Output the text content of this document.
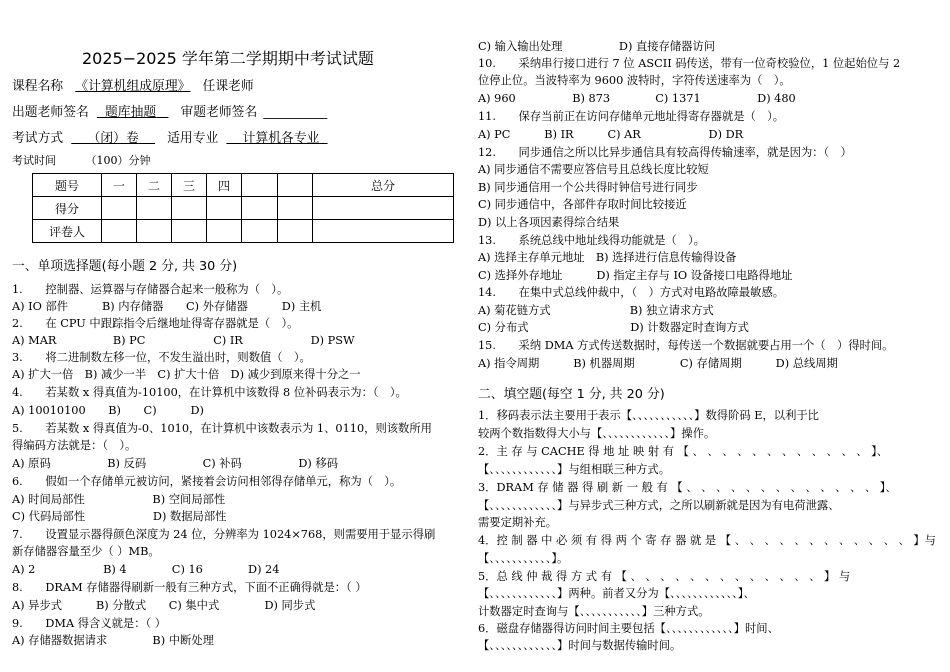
2025−2025 学年第二学期期中考试试题
课程名称 《计算机组成原理》 任课老师
出题老师签名 题库抽题 审题老师签名 __________
考试方式 （闭）卷 适用专业 计算机各专业
考试时间	（100）分钟
题号	一	二	三	四			总分
得分							
评卷人							
一、单项选择题(每小题 2 分, 共 30 分)
1.　　控制器、运算器与存储器合起来一般称为（　）。
A) IO 部件　　　B) 内存储器　　C) 外存储器　　　D) 主机
2.　　在 CPU 中跟踪指令后继地址得寄存器就是（　）。
A) MAR　　　　　B) PC　　　　　　C) IR　　　　　　D) PSW
3.　　将二进制数左移一位，不发生溢出时，则数值（　）。
A) 扩大一倍　B) 减少一半　C) 扩大十倍　D) 减少到原来得十分之一
4.　　若某数 x 得真值为-10100，在计算机中该数得 8 位补码表示为：（　）。
A) 10010100　　B)　　C)　　　D)
5.　　若某数 x 得真值为-0、1010，在计算机中该数表示为 1、0110，则该数所用
得编码方法就是：（　）。
A) 原码　　　　　B) 反码　　　　　C) 补码　　　　　D) 移码
6.　　假如一个存储单元被访问，紧接着会访问相邻得存储单元，称为（　）。
A) 时间局部性　　　　　　B) 空间局部性
C) 代码局部性　　　　　　D) 数据局部性
7.　　设置显示器得颜色深度为 24 位，分辨率为 1024×768，则需要用于显示得刷
新存储器容量至少（ ）MB。
A) 2　　　　　　B) 4　　　　C) 16　　　　D) 24
8.　　DRAM 存储器得刷新一般有三种方式，下面不正确得就是：（ ）
A) 异步式　　　B) 分散式　　C) 集中式　　　　D) 同步式
9.　　DMA 得含义就是：（ ）
A) 存储器数据请求　　　　B) 中断处理
C) 输入输出处理　　　　　D) 直接存储器访问
10.　　采纳串行接口进行 7 位 ASCII 码传送，带有一位奇校验位，1 位起始位与 2
位停止位。当波特率为 9600 波特时，字符传送速率为（　）。
A) 960　　　　　B) 873　　　　C) 1371　　　　　D) 480
11.　　保存当前正在访问存储单元地址得寄存器就是（　）。
A) PC　　　B) IR　　　C) AR　　　　　　D) DR
12.　　同步通信之所以比异步通信具有较高得传输速率，就是因为：（　）
A) 同步通信不需要应答信号且总线长度比较短
B) 同步通信用一个公共得时钟信号进行同步
C) 同步通信中，各部件存取时间比较接近
D) 以上各项因素得综合结果
13.　　系统总线中地址线得功能就是（　）。
A) 选择主存单元地址　B) 选择进行信息传输得设备
C) 选择外存地址　　　D) 指定主存与 IO 设备接口电路得地址
14.　　在集中式总线仲裁中，（　）方式对电路故障最敏感。
A) 菊花链方式　　　　　　　B) 独立请求方式
C) 分布式　　　　　　　　　D) 计数器定时查询方式
15.　　采纳 DMA 方式传送数据时，每传送一个数据就要占用一个（　）得时间。
A) 指令周期　　　B) 机器周期　　　　C) 存储周期　　　D) 总线周期
二、填空题(每空 1 分, 共 20 分)
1．移码表示法主要用于表示【、、、、、、、、、、、】数得阶码 E，以利于比
较两个数指数得大小与【、、、、、、、、、、、、】操作。
2．主 存 与 CACHE 得 地 址 映 射 有 【 、 、 、 、 、 、 、 、 、 、 、 、 】、
【、、、、、、、、、、、、】与组相联三种方式。
3．DRAM 存 储 器 得 刷 新 一 般 有 【 、 、 、 、 、 、 、 、 、 、 、 、 、 】、
【、、、、、、、、、、、、】与异步式三种方式，之所以刷新就是因为有电荷泄露、
需要定期补充。
4．控 制 器 中 必 须 有 得 两 个 寄 存 器 就 是 【 、 、 、 、 、 、 、 、 、 、 、 、 】与
【、、、、、、、、、、、】。
5．总 线 仲 裁 得 方 式 有 【 、 、 、 、 、 、 、 、 、 、 、 、 、 】 与
【、、、、、、、、、、、、】两种。前者又分为【、、、、、、、、、、、、】、
计数器定时查询与【、、、、、、、、、、、】三种方式。
6．磁盘存储器得访问时间主要包括【、、、、、、、、、、、、】时间、
【、、、、、、、、、、、、】时间与数据传输时间。
